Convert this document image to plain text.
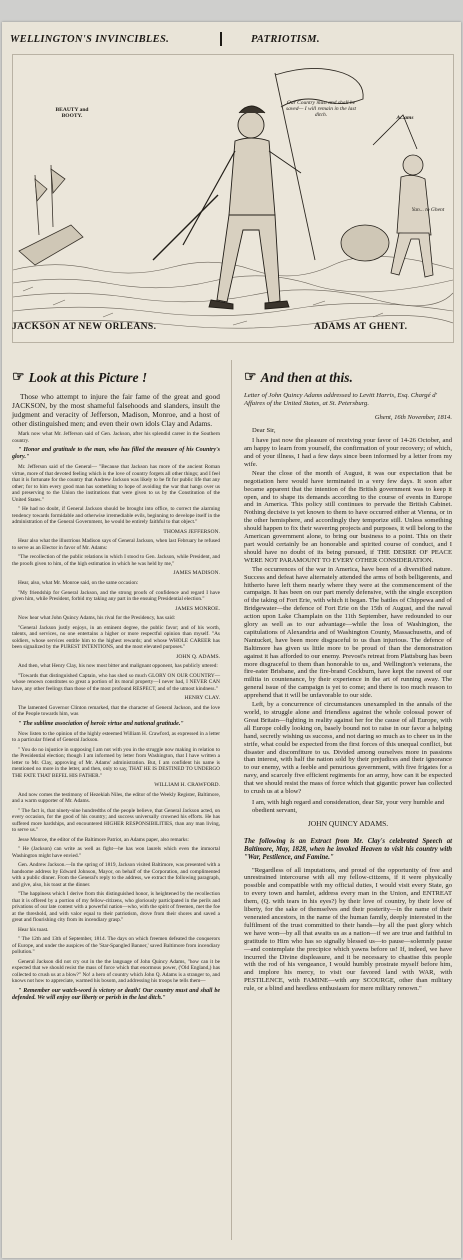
WELLINGTON'S INVINCIBLES.	PATRIOTISM.
BEAUTY and BOOTY.
Our Country must and shall be saved— I will remain in the last ditch.	A...ams
Yan... to Ghent
JACKSON AT NEW ORLEANS.	ADAMS AT GHENT.
☞ Look at this Picture !

Those who attempt to injure the fair fame of the great and good JACKSON, by the most shameful falsehoods and slanders, insult the judgment and veracity of Jefferson, Madison, Monroe, and a host of other distinguished men; and even their own idols Clay and Adams.

Mark now what Mr. Jefferson said of Gen. Jackson, after his splendid career in the Southern country.

" Honor and gratitude to the man, who has filled the measure of his Country's glory."

Mr. Jefferson said of the General— "Because that Jackson has more of the ancient Roman virtue, more of that devoted feeling which is the love of country forgets all other things; and I feel that it is fortunate for the country that Andrew Jackson was likely to be fit for public life that any other; for to him every good man has something to hope of avoiding the war that hangs over us and preserving to the Union the institutions that were given to us by the Constitution of the United States."

" He had no doubt, if General Jackson should be brought into office, to correct the alarming tendency towards formidable and otherwise irremediable evils, beginning to develope itself in the administration of the General Government, he would be entirely faithful to that object."

THOMAS JEFFERSON.

Hear also what the illustrious Madison says of General Jackson, when last February he refused to serve as an Elector in favor of Mr. Adams:

"The recollection of the public relations in which I stood to Gen. Jackson, while President, and the proofs given to him, of the high estimation in which he was held by me,"

JAMES MADISON.

Hear, also, what Mr. Monroe said, on the same occasion:

"My friendship for General Jackson, and the strong proofs of confidence and regard I have given him, while President, forbid my taking any part in the ensuing Presidential election."

JAMES MONROE.

Now hear what John Quincy Adams, his rival for the Presidency, has said:

"General Jackson justly enjoys, in an eminent degree, the public favor; and of his worth, talents, and services, no one entertains a higher or more respectful opinion than myself. "As soldiers, whose services entitle him to the highest rewards; and whose WHOLE CAREER has been signalized by the PUREST INTENTIONS, and the most elevated purposes."

JOHN Q. ADAMS.

And then, what Henry Clay, his now most bitter and malignant opponent, has publicly uttered:

"Towards that distinguished Captain, who has shed so much GLORY ON OUR COUNTRY—whose renown constitutes so great a portion of its moral property—I never had, I NEVER CAN have, any other feelings than those of the most profound RESPECT, and of the utmost kindness."

HENRY CLAY.

The lamented Governor Clinton remarked, that the character of General Jackson, and the love of the People towards him, was

" The sublime association of heroic virtue and national gratitude."

Now listen to the opinion of the highly esteemed William H. Crawford, as expressed in a letter to a particular friend of General Jackson.

" You do no injustice in supposing I am not with you in the struggle now making in relation to the Presidential election; though I am informed by letter from Washington, that I have written a letter to Mr. Clay, approving of Mr. Adams' administration. But, I am confident his name is mentioned no more in the letter, and then, only to say, THAT HE IS DESTINED TO UNDERGO THE FATE THAT BEFEL HIS FATHER."

WILLIAM H. CRAWFORD.

And now comes the testimony of Hezekiah Niles, the editor of the Weekly Register, Baltimore, and a warm supporter of Mr. Adams.

" The fact is, that ninety-nine hundredths of the people believe, that General Jackson acted, on every occasion, for the good of his country; and success universally crowned his efforts. He has suffered more hardships, and encountered HIGHER RESPONSIBILITIES, than any man living, to serve us."

Jesse Monroe, the editor of the Baltimore Patriot, an Adams paper, also remarks:

" He (Jackson) can write as well as fight—he has won laurels which even the immortal Washington might have envied."

Gen. Andrew Jackson.—In the spring of 1819, Jackson visited Baltimore, was presented with a handsome address by Edward Johnson, Mayor, on behalf of the Corporation, and complimented with a public dinner. From the General's reply to the address, we extract the following paragraph, and give, also, his toast at the dinner.

"The happiness which I derive from this distinguished honor, is heightened by the recollection that it is offered by a portion of my fellow-citizens, who gloriously participated in the perils and privations of our late contest with a powerful nation—who, with the spirit of freemen, met the foe at the threshold, and with valor equal to their patriotism, drove from their shores and saved a great and flourishing city from its incendiary grasp."

Hear his toast.

" The 12th and 13th of September, 1814. The days on which freemen defeated the conquerors of Europe, and under the auspices of the 'Star-Spangled Banner,' saved Baltimore from incendiary pollution."

General Jackson did not cry out in the the language of John Quincy Adams, "how can it be expected that we should resist the mass of force which that enormous power, ('Old England,) has collected to crush us at a blow?" No! a hero of country which John Q. Adams is a stranger to, and knows not how to appreciate, warmed his bosom, and addressing his troops he tells them—

" Remember our watch-word is victory or death! Our country must and shall be defended. We will enjoy our liberty or perish in the last ditch."

☞ And then at this.
Letter of John Quincy Adams addressed to Levitt Harris, Esq. Chargé d' Affaires of the United States, at St. Petersburg.
Ghent, 16th November, 1814.
Dear Sir,

I have just now the pleasure of receiving your favor of 14-26 October, and am happy to learn from yourself, the confirmation of your recovery; of which, and of your illness, I had a few days since been informed by a letter from my wife.

Near the close of the month of August, it was our expectation that be negotiation here would have terminated in a very few days. It soon after became apparent that the intention of the British government was to keep it open, and to shape its demands according to the course of events in Europe and in America. This policy still continues to pervade the British Cabinet. Nothing decisive is yet known to them to have occurred either at Vienna, or in the other hemisphere, and accordingly they temporize still. Unless something should happen to fix their wavering projects and purposes, it will belong to the American government alone, to bring our business to a point. This on their part would certainly be an honorable and spirited course of conduct, and I should have no doubt of its being pursued, if THE DESIRE OF PEACE WERE NOT PARAMOUNT TO EVERY OTHER CONSIDERATION.

The occurrences of the war in America, have been of a diversified nature. Success and defeat have alternately attended the arms of both belligerents, and hitherto have left them nearly where they were at the commencement of the campaign. It has been on our part merely defensive, with the single exception of the taking of Fort Erie, with which it began. The battles of Chippewa and of Bridgewater—the defence of Fort Erie on the 15th of August, and the naval action upon Lake Champlain on the 11th September, have redounded to our glory as well as to our advantage—while the loss of Washington, the capitulations of Alexandria and of Washington County, Massachusetts, and of Nantucket, have been more disgraceful to us than injurious. The defence of Baltimore has given us little more to be proud of than the demonstration against it has afforded to our enemy. Prevost's retreat from Plattsburg has been more disgraceful to them than honorable to us, and Wellington's veterans, the fire-eater Brisbane, and the fire-brand Cockburn, have kept the rawest of our militia in countenance, by their experience in the art of running away. The general issue of the campaign is yet to come; and there is too much reason to apprehend that it will be unfavorable to our side.

Left, by a concurrence of circumstances unexampled in the annals of the world, to struggle alone and friendless against the whole colossal power of Great Britain—fighting in reality against her for the cause of all Europe, with all Europe coldly looking on, basely bound not to raise in our favor a helping hand, secretly wishing us success, and not daring so much as to cheer us in the strife, what could be expected from the first forces of this unequal conflict, but disaster and discomfiture to us. Divided among ourselves more in passions than interest, with half the nation sold by their prejudices and their ignorance to our enemy, with a feeble and penurious government, with five frigates for a navy, and scarcely five efficient regiments for an army, how can it be expected that we should resist the mass of force which that gigantic power has collected to crush us at a blow?

I am, with high regard and consideration, dear Sir, your very humble and obedient servant,
JOHN QUINCY ADAMS.
The following is an Extract from Mr. Clay's celebrated Speech at Baltimore, May, 1828, when he invoked Heaven to visit his country with "War, Pestilence, and Famine."

"Regardless of all imputations, and proud of the opportunity of free and unrestrained intercourse with all my fellow-citizens, if it were physically possible and compatible with my official duties, I would visit every State, go to every town and hamlet, address every man in the Union, and ENTREAT them, (Q. with tears in his eyes?) by their love of country, by their love of liberty, for the sake of themselves and their posterity—in the name of their venerated ancestors, in the name of the human family, deeply interested in the fulfilment of the trust committed to their hands—by all the past glory which we have won—by all that awaits us as a nation—if we are true and faithful in gratitude to Him who has so signally blessed us—to pause—solemnly pause—and contemplate the precipice which yawns before us! If, indeed, we have incurred the Divine displeasure, and it be necessary to chastise this people with the rod of his vengeance, I would humbly prostrate myself before him, and implore his mercy, to visit our favored land with WAR, with PESTILENCE, with FAMINE—with any SCOURGE, other than military rule, or a blind and heedless enthusiasm for mere military renown."
